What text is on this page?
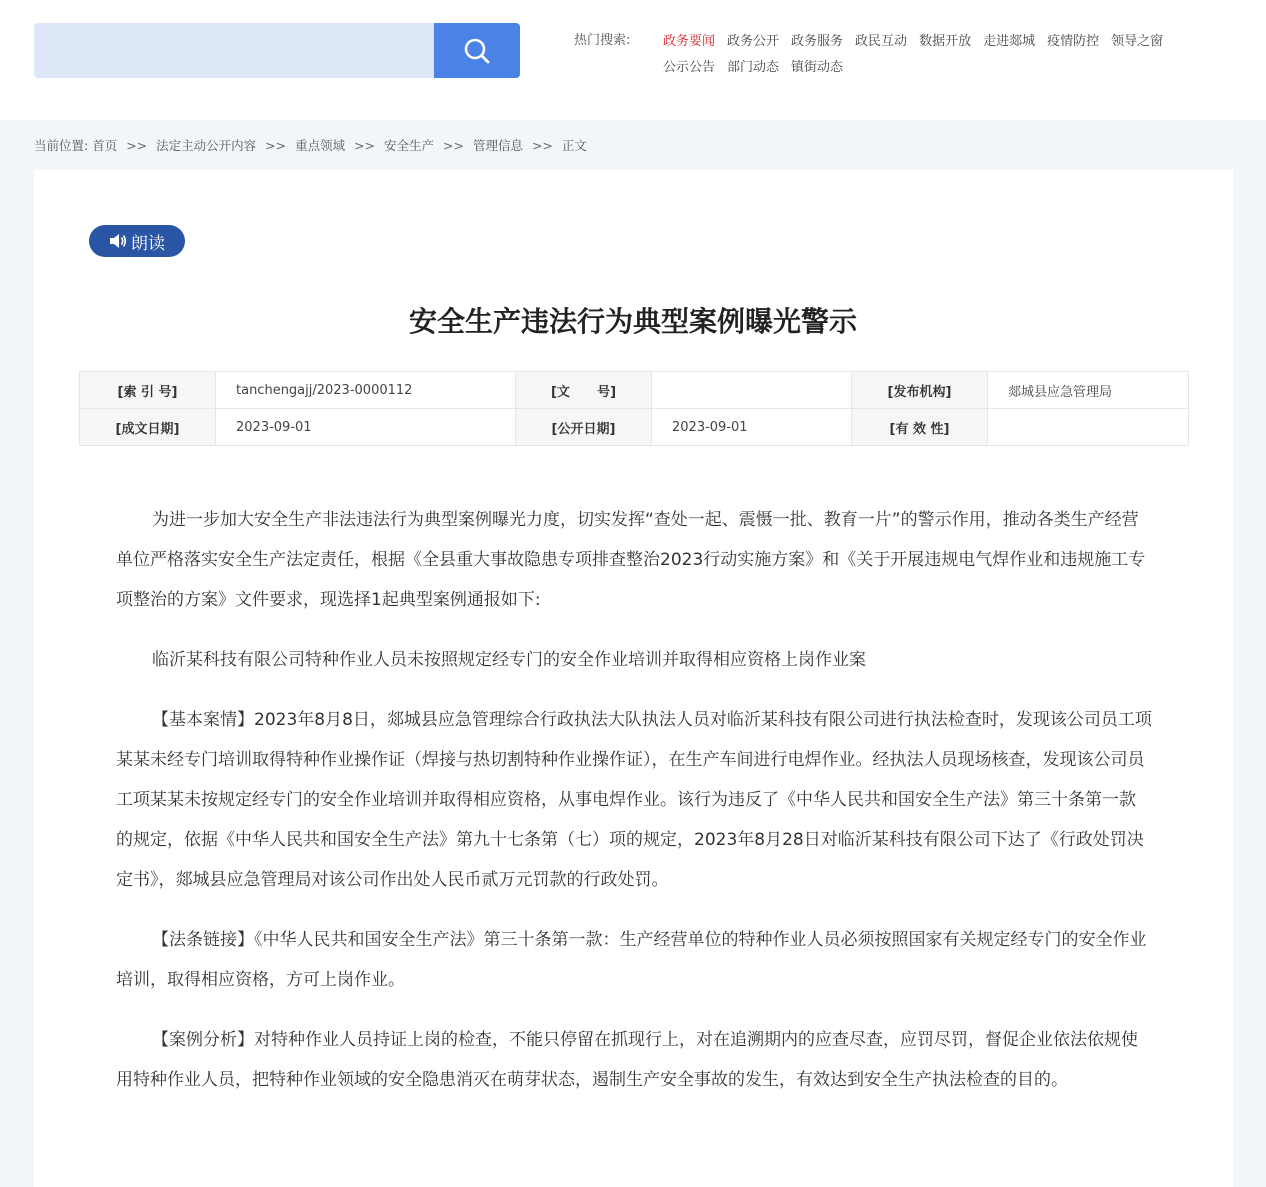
热门搜索:	政务要闻 政务公开 政务服务 政民互动 数据开放 走进郯城 疫情防控 领导之窗
公示公告 部门动态 镇街动态
当前位置: 首页 >> 法定主动公开内容 >> 重点领域 >> 安全生产 >> 管理信息 >> 正文
朗读
安全生产违法行为典型案例曝光警示
[索 引 号]	tanchengajj/2023-0000112	[文      号]		[发布机构]	郯城县应急管理局
[成文日期]	2023-09-01	[公开日期]	2023-09-01	[有 效 性]	

为进一步加大安全生产非法违法行为典型案例曝光力度，切实发挥“查处一起、震慑一批、教育一片”的警示作用，推动各类生产经营单位严格落实安全生产法定责任，根据《全县重大事故隐患专项排查整治2023行动实施方案》和《关于开展违规电气焊作业和违规施工专项整治的方案》文件要求，现选择1起典型案例通报如下:

临沂某科技有限公司特种作业人员未按照规定经专门的安全作业培训并取得相应资格上岗作业案

【基本案情】2023年8月8日，郯城县应急管理综合行政执法大队执法人员对临沂某科技有限公司进行执法检查时，发现该公司员工项某某未经专门培训取得特种作业操作证（焊接与热切割特种作业操作证），在生产车间进行电焊作业。经执法人员现场核查，发现该公司员工项某某未按规定经专门的安全作业培训并取得相应资格，从事电焊作业。该行为违反了《中华人民共和国安全生产法》第三十条第一款的规定，依据《中华人民共和国安全生产法》第九十七条第（七）项的规定，2023年8月28日对临沂某科技有限公司下达了《行政处罚决定书》，郯城县应急管理局对该公司作出处人民币贰万元罚款的行政处罚。

【法条链接】《中华人民共和国安全生产法》第三十条第一款：生产经营单位的特种作业人员必须按照国家有关规定经专门的安全作业培训，取得相应资格，方可上岗作业。

【案例分析】对特种作业人员持证上岗的检查，不能只停留在抓现行上，对在追溯期内的应查尽查，应罚尽罚，督促企业依法依规使用特种作业人员，把特种作业领域的安全隐患消灭在萌芽状态，遏制生产安全事故的发生，有效达到安全生产执法检查的目的。
